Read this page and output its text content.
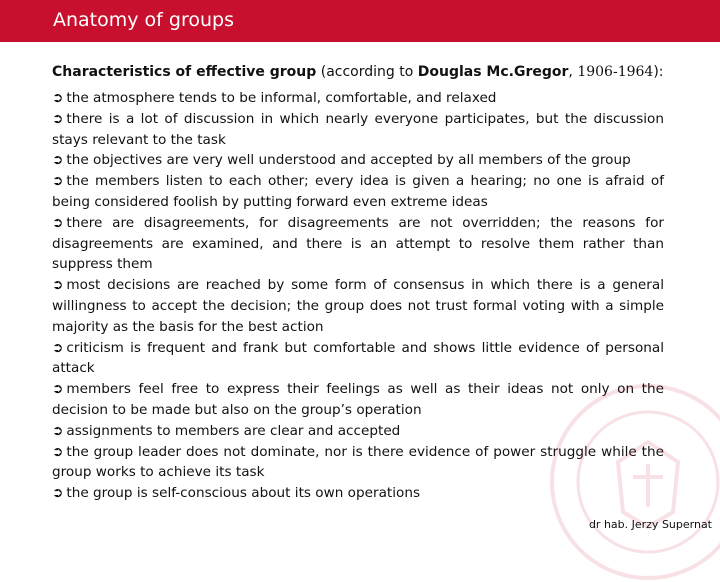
Anatomy of groups
Characteristics of effective group (according to Douglas Mc.Gregor, 1906-1964):
➲ the atmosphere tends to be informal, comfortable, and relaxed
➲ there is a lot of discussion in which nearly everyone participates, but the discussion stays relevant to the task
➲ the objectives are very well understood and accepted by all members of the group
➲ the members listen to each other; every idea is given a hearing; no one is afraid of being considered foolish by putting forward even extreme ideas
➲ there are disagreements, for disagreements are not overridden; the reasons for disagreements are examined, and there is an attempt to resolve them rather than suppress them
➲ most decisions are reached by some form of consensus in which there is a general willingness to accept the decision; the group does not trust formal voting with a simple majority as the basis for the best action
➲ criticism is frequent and frank but comfortable and shows little evidence of personal attack
➲ members feel free to express their feelings as well as their ideas not only on the decision to be made but also on the group’s operation
➲ assignments to members are clear and accepted
➲ the group leader does not dominate, nor is there evidence of power struggle while the group works to achieve its task
➲ the group is self-conscious about its own operations
dr hab. Jerzy Supernat
